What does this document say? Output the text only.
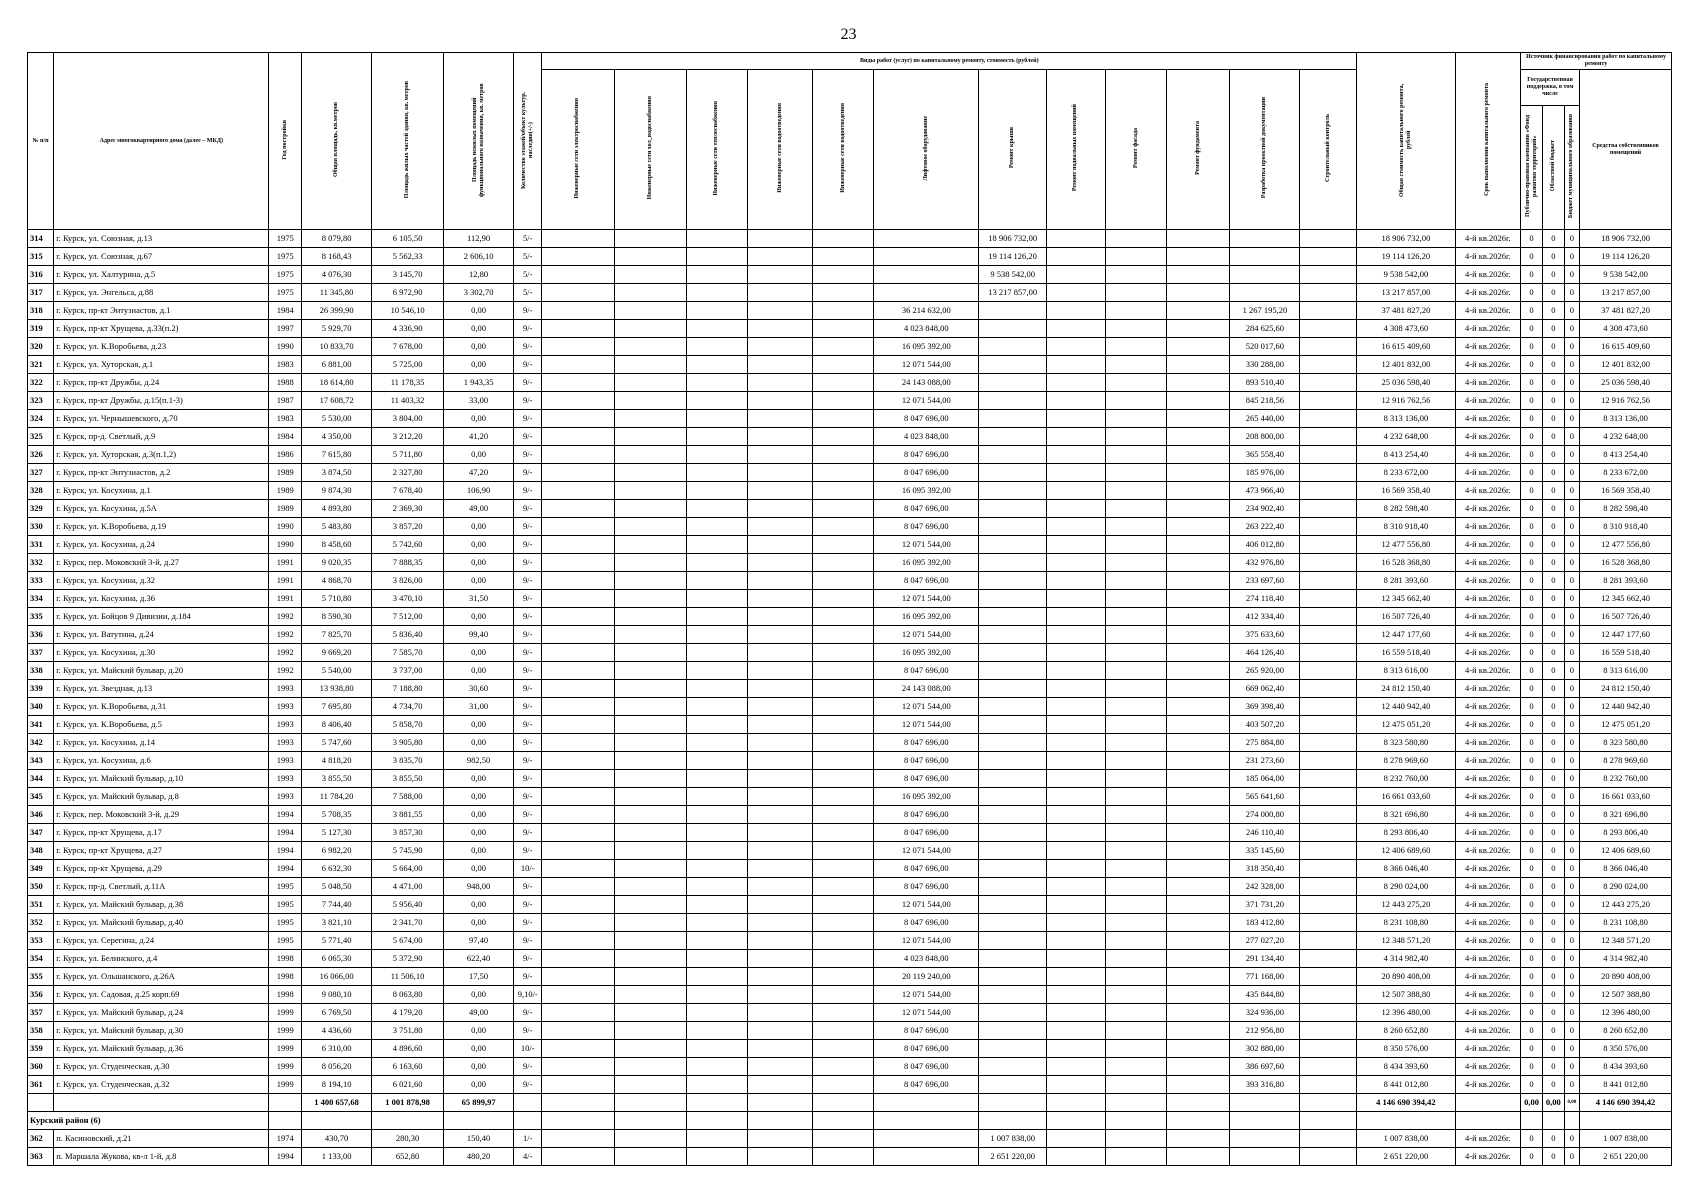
23
№ п/п	Адрес многоквартирного дома (далее – МКД)	Год постройки	Общая площадь, кв.метров	Площадь жилых частей здания, кв. метров	Площадь нежилых помещений функционального назначения, кв. метров	Количество этажей/объект культур. наследия(+/-)	Виды работ (услуг) по капитальному ремонту, стоимость (рублей)												Общая стоимость капитального ремонта, рублей	Срок выполнения капитального ремонта	Источник финансирования работ по капитальному ремонту			
							Инженерные сети электроснабжения	Инженерные сети хол_водоснабжения	Инженерные сети теплоснабжения	Инженерные сети водоотведения	Инженерные сети водоотведения	Лифтовое оборудование	Ремонт крыши	Ремонт подвальных помещений	Ремонт фасада	Ремонт фундамента	Разработка проектной документации	Строительный контроль			Государственная поддержка, в том числе			Средства собственников помещений
																					Публично-правовая компания «Фонд развития территорий»	Областной бюджет	Бюджет муниципального образования	
314	г. Курск, ул. Союзная, д.13	1975	8 079,80	6 105,50	112,90	5/-							18 906 732,00						18 906 732,00	4-й кв.2026г.	0	0	0	18 906 732,00
315	г. Курск, ул. Союзная, д.67	1975	8 168,43	5 562,33	2 606,10	5/-							19 114 126,20						19 114 126,20	4-й кв.2026г.	0	0	0	19 114 126,20
316	г. Курск, ул. Халтурина, д.5	1975	4 076,30	3 145,70	12,80	5/-							9 538 542,00						9 538 542,00	4-й кв.2026г.	0	0	0	9 538 542,00
317	г. Курск, ул. Энгельса, д.88	1975	11 345,80	6 972,90	3 302,70	5/-							13 217 857,00						13 217 857,00	4-й кв.2026г.	0	0	0	13 217 857,00
318	г. Курск, пр-кт Энтузиастов, д.1	1984	26 399,90	10 546,10	0,00	9/-						36 214 632,00					1 267 195,20		37 481 827,20	4-й кв.2026г.	0	0	0	37 481 827,20
319	г. Курск, пр-кт Хрущева, д.33(п.2)	1997	5 929,70	4 336,90	0,00	9/-						4 023 848,00					284 625,60		4 308 473,60	4-й кв.2026г.	0	0	0	4 308 473,60
320	г. Курск, ул. К.Воробьева, д.23	1990	10 833,70	7 678,00	0,00	9/-						16 095 392,00					520 017,60		16 615 409,60	4-й кв.2026г.	0	0	0	16 615 409,60
321	г. Курск, ул. Хуторская, д.1	1983	6 881,00	5 725,00	0,00	9/-						12 071 544,00					330 288,00		12 401 832,00	4-й кв.2026г.	0	0	0	12 401 832,00
322	г. Курск, пр-кт Дружбы, д.24	1988	18 614,80	11 178,35	1 943,35	9/-						24 143 088,00					893 510,40		25 036 598,40	4-й кв.2026г.	0	0	0	25 036 598,40
323	г. Курск, пр-кт Дружбы, д.15(п.1-3)	1987	17 608,72	11 403,32	33,00	9/-						12 071 544,00					845 218,56		12 916 762,56	4-й кв.2026г.	0	0	0	12 916 762,56
324	г. Курск, ул. Чернышевского, д.70	1983	5 530,00	3 804,00	0,00	9/-						8 047 696,00					265 440,00		8 313 136,00	4-й кв.2026г.	0	0	0	8 313 136,00
325	г. Курск, пр-д. Светлый, д.9	1984	4 350,00	3 212,20	41,20	9/-						4 023 848,00					208 800,00		4 232 648,00	4-й кв.2026г.	0	0	0	4 232 648,00
326	г. Курск, ул. Хуторская, д.3(п.1,2)	1986	7 615,80	5 711,80	0,00	9/-						8 047 696,00					365 558,40		8 413 254,40	4-й кв.2026г.	0	0	0	8 413 254,40
327	г. Курск, пр-кт Энтузиастов, д.2	1989	3 874,50	2 327,80	47,20	9/-						8 047 696,00					185 976,00		8 233 672,00	4-й кв.2026г.	0	0	0	8 233 672,00
328	г. Курск, ул. Косухина, д.1	1989	9 874,30	7 678,40	106,90	9/-						16 095 392,00					473 966,40		16 569 358,40	4-й кв.2026г.	0	0	0	16 569 358,40
329	г. Курск, ул. Косухина, д.5А	1989	4 893,80	2 369,30	49,00	9/-						8 047 696,00					234 902,40		8 282 598,40	4-й кв.2026г.	0	0	0	8 282 598,40
330	г. Курск, ул. К.Воробьева, д.19	1990	5 483,80	3 857,20	0,00	9/-						8 047 696,00					263 222,40		8 310 918,40	4-й кв.2026г.	0	0	0	8 310 918,40
331	г. Курск, ул. Косухина, д.24	1990	8 458,60	5 742,60	0,00	9/-						12 071 544,00					406 012,80		12 477 556,80	4-й кв.2026г.	0	0	0	12 477 556,80
332	г. Курск, пер. Моковский 3-й, д.27	1991	9 020,35	7 888,35	0,00	9/-						16 095 392,00					432 976,80		16 528 368,80	4-й кв.2026г.	0	0	0	16 528 368,80
333	г. Курск, ул. Косухина, д.32	1991	4 868,70	3 826,00	0,00	9/-						8 047 696,00					233 697,60		8 281 393,60	4-й кв.2026г.	0	0	0	8 281 393,60
334	г. Курск, ул. Косухина, д.36	1991	5 710,80	3 470,10	31,50	9/-						12 071 544,00					274 118,40		12 345 662,40	4-й кв.2026г.	0	0	0	12 345 662,40
335	г. Курск, ул. Бойцов 9 Дивизии, д.184	1992	8 590,30	7 512,00	0,00	9/-						16 095 392,00					412 334,40		16 507 726,40	4-й кв.2026г.	0	0	0	16 507 726,40
336	г. Курск, ул. Ватутина, д.24	1992	7 825,70	5 836,40	99,40	9/-						12 071 544,00					375 633,60		12 447 177,60	4-й кв.2026г.	0	0	0	12 447 177,60
337	г. Курск, ул. Косухина, д.30	1992	9 669,20	7 585,70	0,00	9/-						16 095 392,00					464 126,40		16 559 518,40	4-й кв.2026г.	0	0	0	16 559 518,40
338	г. Курск, ул. Майский бульвар, д.20	1992	5 540,00	3 737,00	0,00	9/-						8 047 696,00					265 920,00		8 313 616,00	4-й кв.2026г.	0	0	0	8 313 616,00
339	г. Курск, ул. Звездная, д.13	1993	13 938,80	7 188,80	30,60	9/-						24 143 088,00					669 062,40		24 812 150,40	4-й кв.2026г.	0	0	0	24 812 150,40
340	г. Курск, ул. К.Воробьева, д.31	1993	7 695,80	4 734,70	31,00	9/-						12 071 544,00					369 398,40		12 440 942,40	4-й кв.2026г.	0	0	0	12 440 942,40
341	г. Курск, ул. К.Воробьева, д.5	1993	8 406,40	5 858,70	0,00	9/-						12 071 544,00					403 507,20		12 475 051,20	4-й кв.2026г.	0	0	0	12 475 051,20
342	г. Курск, ул. Косухина, д.14	1993	5 747,60	3 905,80	0,00	9/-						8 047 696,00					275 884,80		8 323 580,80	4-й кв.2026г.	0	0	0	8 323 580,80
343	г. Курск, ул. Косухина, д.6	1993	4 818,20	3 835,70	982,50	9/-						8 047 696,00					231 273,60		8 278 969,60	4-й кв.2026г.	0	0	0	8 278 969,60
344	г. Курск, ул. Майский бульвар, д.10	1993	3 855,50	3 855,50	0,00	9/-						8 047 696,00					185 064,00		8 232 760,00	4-й кв.2026г.	0	0	0	8 232 760,00
345	г. Курск, ул. Майский бульвар, д.8	1993	11 784,20	7 588,00	0,00	9/-						16 095 392,00					565 641,60		16 661 033,60	4-й кв.2026г.	0	0	0	16 661 033,60
346	г. Курск, пер. Моковский 3-й, д.29	1994	5 708,35	3 881,55	0,00	9/-						8 047 696,00					274 000,80		8 321 696,80	4-й кв.2026г.	0	0	0	8 321 696,80
347	г. Курск, пр-кт Хрущева, д.17	1994	5 127,30	3 857,30	0,00	9/-						8 047 696,00					246 110,40		8 293 806,40	4-й кв.2026г.	0	0	0	8 293 806,40
348	г. Курск, пр-кт Хрущева, д.27	1994	6 982,20	5 745,90	0,00	9/-						12 071 544,00					335 145,60		12 406 689,60	4-й кв.2026г.	0	0	0	12 406 689,60
349	г. Курск, пр-кт Хрущева, д.29	1994	6 632,30	5 664,00	0,00	10/-						8 047 696,00					318 350,40		8 366 046,40	4-й кв.2026г.	0	0	0	8 366 046,40
350	г. Курск, пр-д. Светлый, д.11А	1995	5 048,50	4 471,00	948,00	9/-						8 047 696,00					242 328,00		8 290 024,00	4-й кв.2026г.	0	0	0	8 290 024,00
351	г. Курск, ул. Майский бульвар, д.38	1995	7 744,40	5 956,40	0,00	9/-						12 071 544,00					371 731,20		12 443 275,20	4-й кв.2026г.	0	0	0	12 443 275,20
352	г. Курск, ул. Майский бульвар, д.40	1995	3 821,10	2 341,70	0,00	9/-						8 047 696,00					183 412,80		8 231 108,80	4-й кв.2026г.	0	0	0	8 231 108,80
353	г. Курск, ул. Серегина, д.24	1995	5 771,40	5 674,00	97,40	9/-						12 071 544,00					277 027,20		12 348 571,20	4-й кв.2026г.	0	0	0	12 348 571,20
354	г. Курск, ул. Белинского, д.4	1998	6 065,30	5 372,90	622,40	9/-						4 023 848,00					291 134,40		4 314 982,40	4-й кв.2026г.	0	0	0	4 314 982,40
355	г. Курск, ул. Ольшанского, д.26А	1998	16 066,00	11 506,10	17,50	9/-						20 119 240,00					771 168,00		20 890 408,00	4-й кв.2026г.	0	0	0	20 890 408,00
356	г. Курск, ул. Садовая, д.25 корп.69	1998	9 080,10	8 063,80	0,00	9,10/-						12 071 544,00					435 844,80		12 507 388,80	4-й кв.2026г.	0	0	0	12 507 388,80
357	г. Курск, ул. Майский бульвар, д.24	1999	6 769,50	4 179,20	49,00	9/-						12 071 544,00					324 936,00		12 396 480,00	4-й кв.2026г.	0	0	0	12 396 480,00
358	г. Курск, ул. Майский бульвар, д.30	1999	4 436,60	3 751,80	0,00	9/-						8 047 696,00					212 956,80		8 260 652,80	4-й кв.2026г.	0	0	0	8 260 652,80
359	г. Курск, ул. Майский бульвар, д.36	1999	6 310,00	4 896,60	0,00	10/-						8 047 696,00					302 880,00		8 350 576,00	4-й кв.2026г.	0	0	0	8 350 576,00
360	г. Курск, ул. Студенческая, д.30	1999	8 056,20	6 163,60	0,00	9/-						8 047 696,00					386 697,60		8 434 393,60	4-й кв.2026г.	0	0	0	8 434 393,60
361	г. Курск, ул. Студенческая, д.32	1999	8 194,10	6 021,60	0,00	9/-						8 047 696,00					393 316,80		8 441 012,80	4-й кв.2026г.	0	0	0	8 441 012,80
			1 400 657,68	1 001 878,98	65 899,97														4 146 690 394,42		0,00	0,00	0,00	4 146 690 394,42
Курский район (6)																								
362	п. Касиновский, д.21	1974	430,70	280,30	150,40	1/-							1 007 838,00						1 007 838,00	4-й кв.2026г.	0	0	0	1 007 838,00
363	п. Маршала Жукова, кв-л 1-й, д.8	1994	1 133,00	652,80	480,20	4/-							2 651 220,00						2 651 220,00	4-й кв.2026г.	0	0	0	2 651 220,00
